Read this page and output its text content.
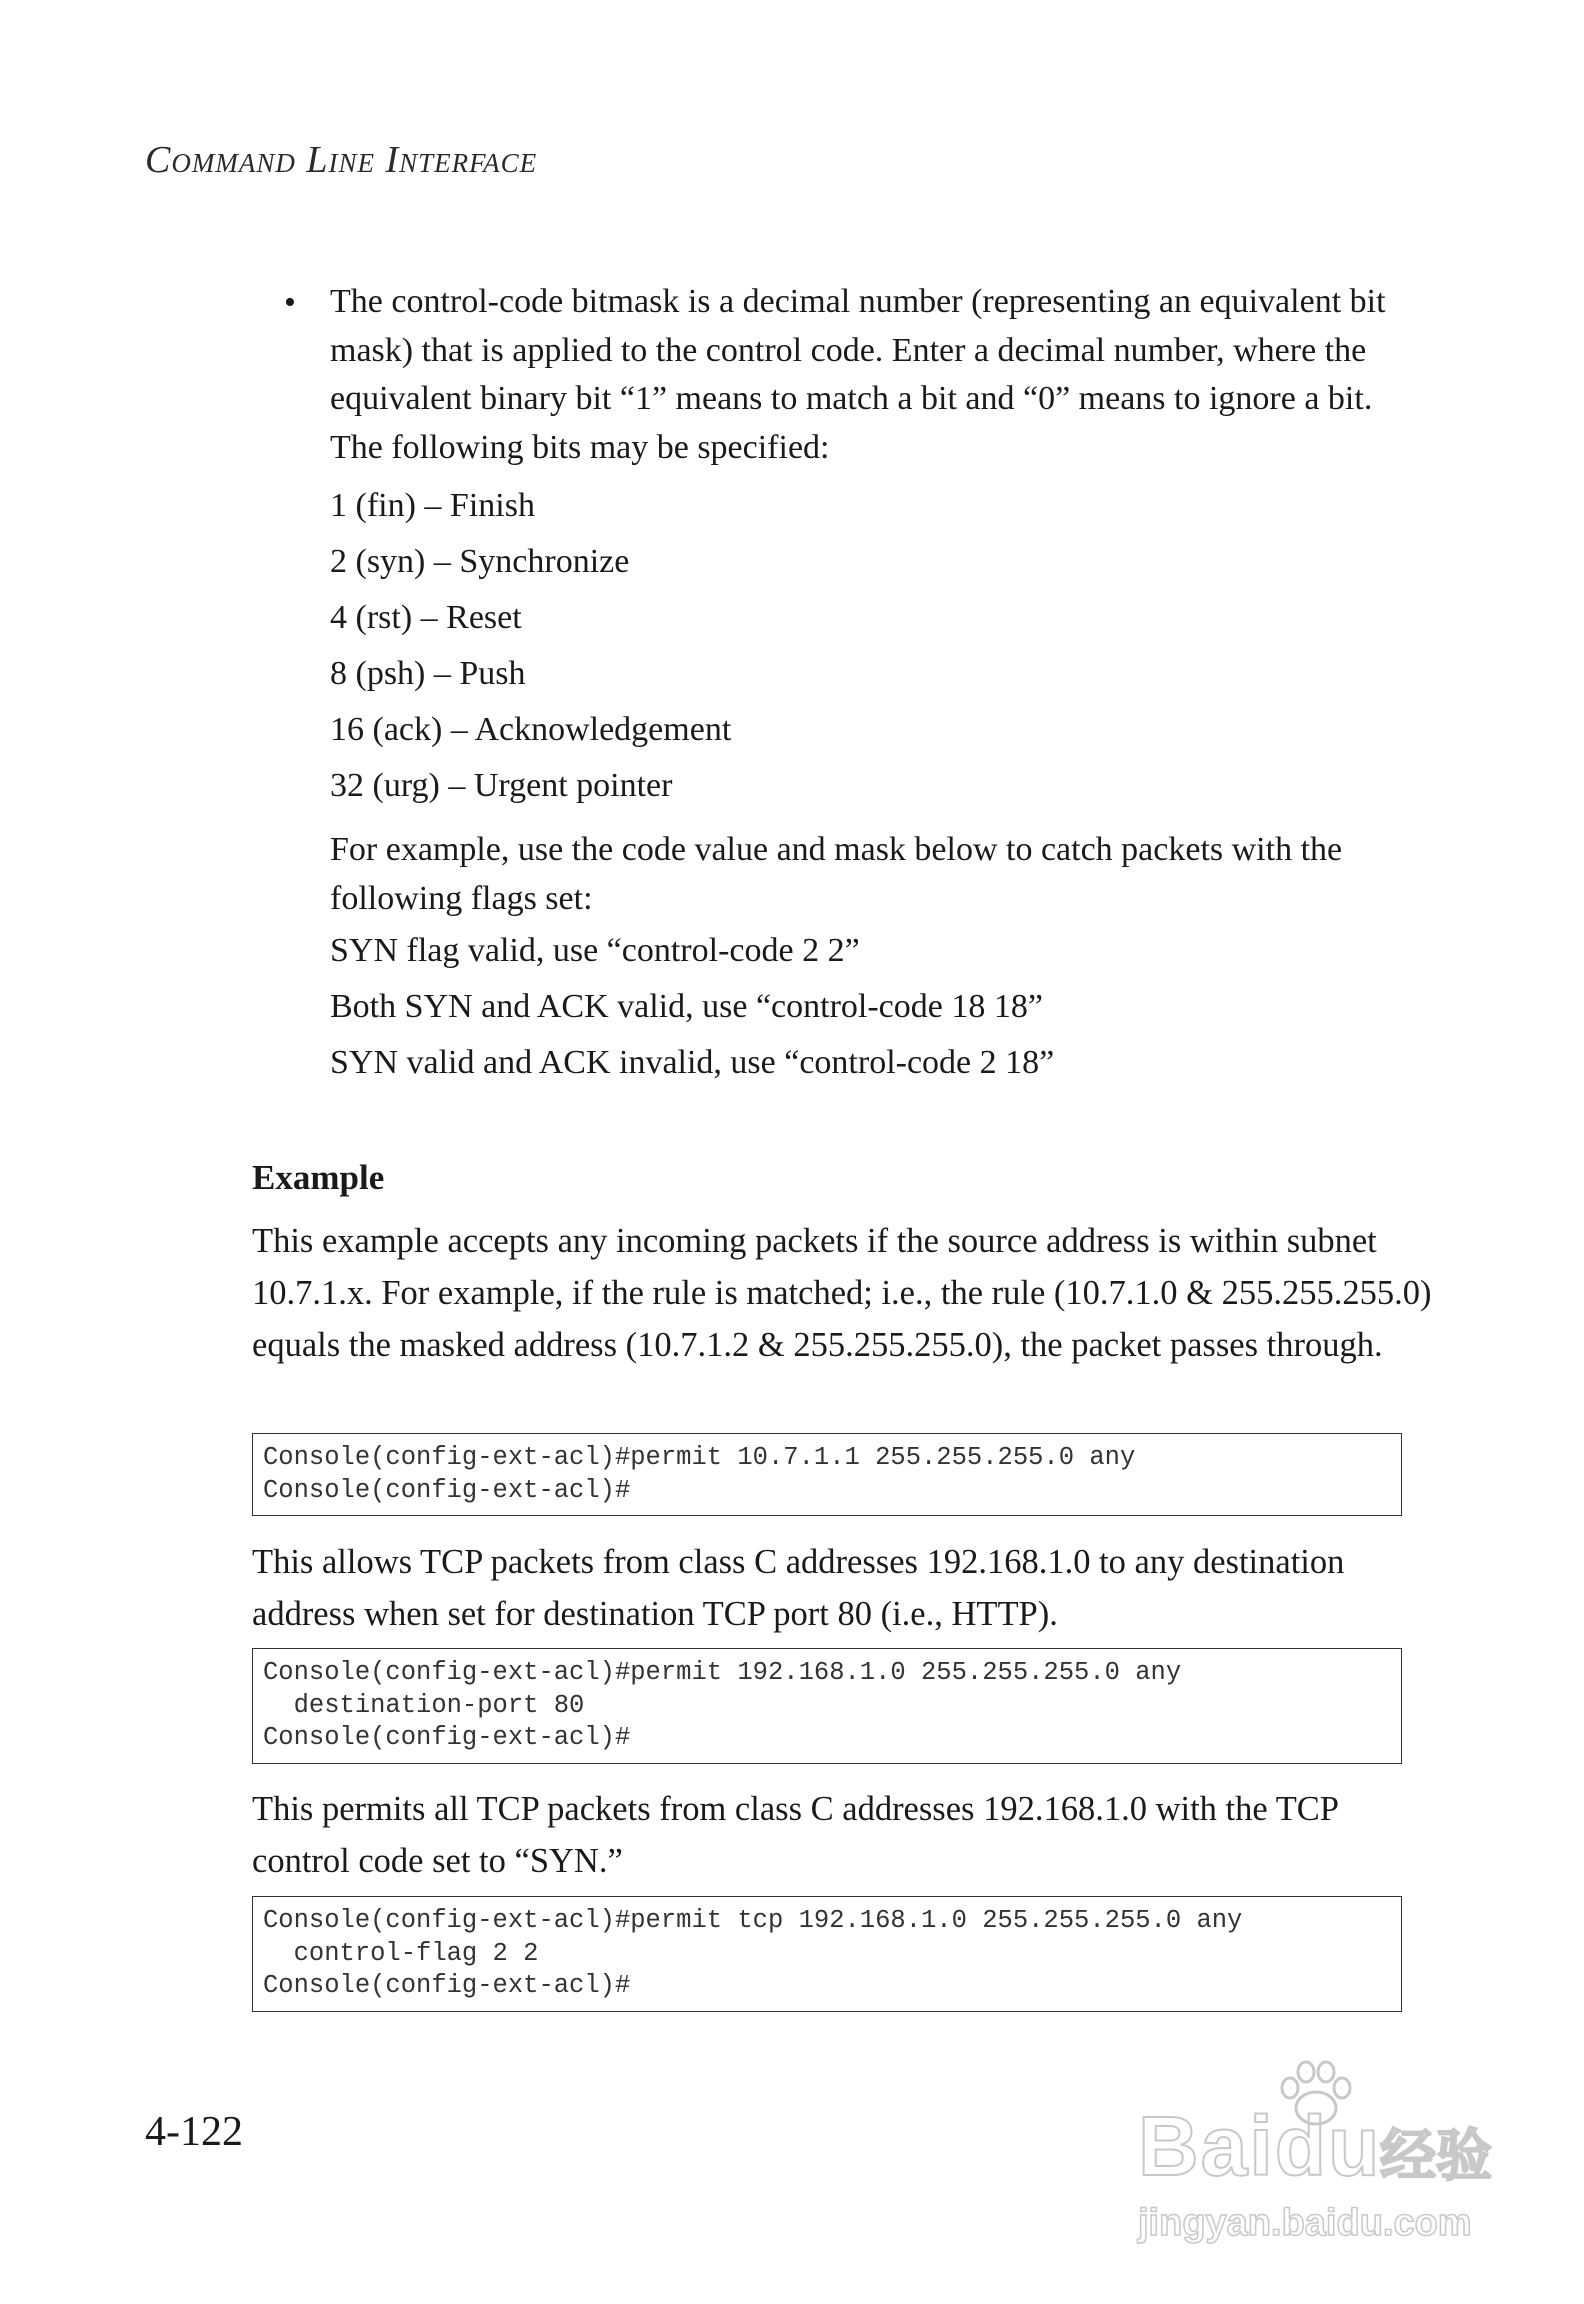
Command Line Interface
• The control-code bitmask is a decimal number (representing an equivalent bit mask) that is applied to the control code. Enter a decimal number, where the equivalent binary bit “1” means to match a bit and “0” means to ignore a bit. The following bits may be specified:

1 (fin) – Finish

2 (syn) – Synchronize

4 (rst) – Reset

8 (psh) – Push

16 (ack) – Acknowledgement

32 (urg) – Urgent pointer

For example, use the code value and mask below to catch packets with the following flags set:

SYN flag valid, use “control-code 2 2”

Both SYN and ACK valid, use “control-code 18 18”

SYN valid and ACK invalid, use “control-code 2 18”

Example

This example accepts any incoming packets if the source address is within subnet 10.7.1.x. For example, if the rule is matched; i.e., the rule (10.7.1.0 & 255.255.255.0) equals the masked address (10.7.1.2 & 255.255.255.0), the packet passes through.

Console(config-ext-acl)#permit 10.7.1.1 255.255.255.0 any
Console(config-ext-acl)#

This allows TCP packets from class C addresses 192.168.1.0 to any destination address when set for destination TCP port 80 (i.e., HTTP).

Console(config-ext-acl)#permit 192.168.1.0 255.255.255.0 any
destination-port 80
Console(config-ext-acl)#

This permits all TCP packets from class C addresses 192.168.1.0 with the TCP control code set to “SYN.”

Console(config-ext-acl)#permit tcp 192.168.1.0 255.255.255.0 any
control-flag 2 2
Console(config-ext-acl)#
4-122	Baidu
经验
jingyan.baidu.com
